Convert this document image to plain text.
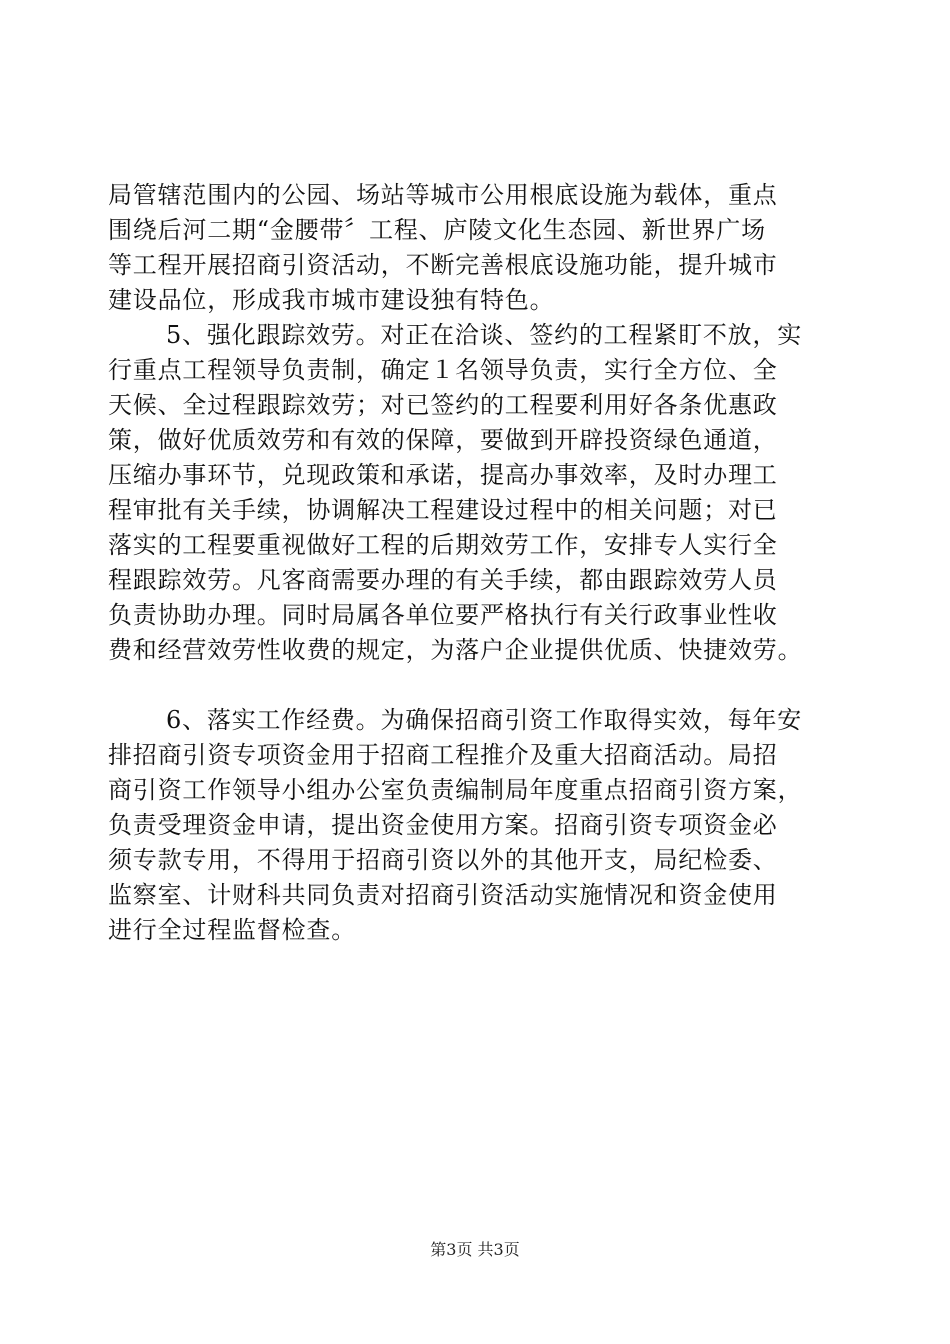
局管辖范围内的公园、场站等城市公用根底设施为载体，重点
围绕后河二期“金腰带〞工程、庐陵文化生态园、新世界广场
等工程开展招商引资活动，不断完善根底设施功能，提升城市
建设品位，形成我市城市建设独有特色。
5、强化跟踪效劳。对正在洽谈、签约的工程紧盯不放，实
行重点工程领导负责制，确定１名领导负责，实行全方位、全
天候、全过程跟踪效劳；对已签约的工程要利用好各条优惠政
策，做好优质效劳和有效的保障，要做到开辟投资绿色通道，
压缩办事环节，兑现政策和承诺，提高办事效率，及时办理工
程审批有关手续，协调解决工程建设过程中的相关问题；对已
落实的工程要重视做好工程的后期效劳工作，安排专人实行全
程跟踪效劳。凡客商需要办理的有关手续，都由跟踪效劳人员
负责协助办理。同时局属各单位要严格执行有关行政事业性收
费和经营效劳性收费的规定，为落户企业提供优质、快捷效劳。
6、落实工作经费。为确保招商引资工作取得实效，每年安
排招商引资专项资金用于招商工程推介及重大招商活动。局招
商引资工作领导小组办公室负责编制局年度重点招商引资方案，
负责受理资金申请，提出资金使用方案。招商引资专项资金必
须专款专用，不得用于招商引资以外的其他开支，局纪检委、
监察室、计财科共同负责对招商引资活动实施情况和资金使用
进行全过程监督检查。
第3页 共3页
